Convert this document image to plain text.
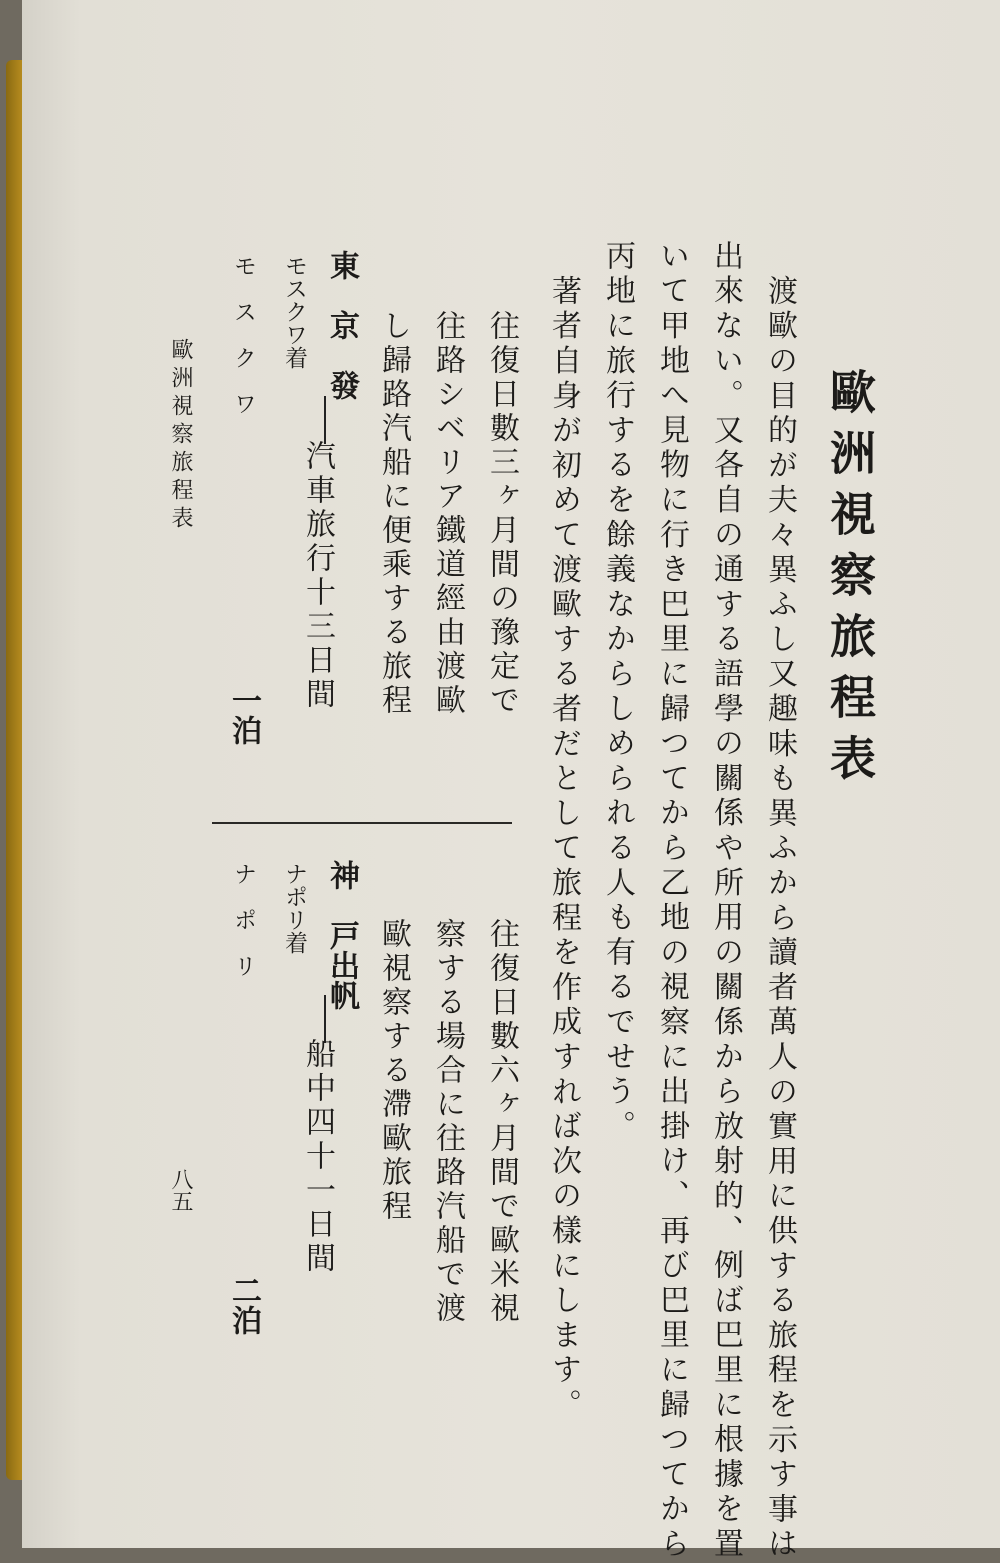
歐洲視察旅程表
渡歐の目的が夫々異ふし又趣味も異ふから讀者萬人の實用に供する旅程を示す事は
出來ない。又各自の通する語學の關係や所用の關係から放射的、例ば巴里に根據を置
いて甲地へ見物に行き巴里に歸つてから乙地の視察に出掛け、再び巴里に歸つてから
丙地に旅行するを餘義なからしめられる人も有るでせう。
著者自身が初めて渡歐する者だとして旅程を作成すれば次の樣にします。
往復日數三ヶ月間の豫定で
往路シベリア鐵道經由渡歐
し歸路汽船に便乘する旅程
東　京　發
モスクワ着
汽車旅行十三日間
モ　ス　ク　ワ
一泊
往復日數六ヶ月間で歐米視
察する場合に往路汽船で渡
歐視察する滯歐旅程
神　戸出帆
ナポリ着
船中四十一日間
ナ　ポ　リ
二泊
歐洲視察旅程表
八五
